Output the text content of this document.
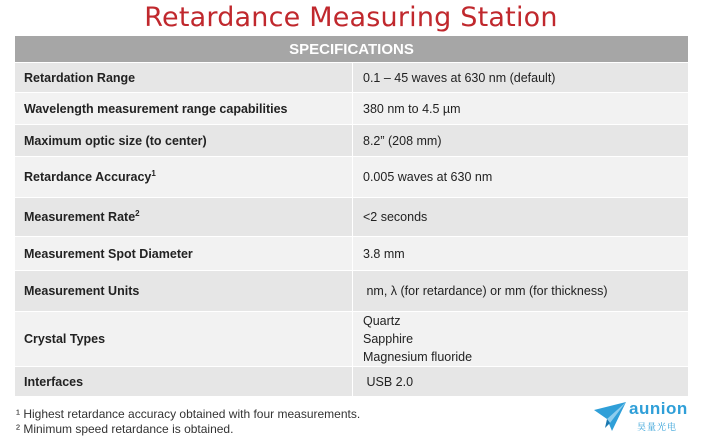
Retardance Measuring Station
SPECIFICATIONS	
Retardation Range	0.1 – 45 waves at 630 nm (default)

Wavelength measurement range capabilities	380 nm to 4.5 µm

Maximum optic size (to center)	8.2” (208 mm)

Retardance Accuracy$^1$	0.005 waves at 630 nm

Measurement Rate$^2$	<2 seconds

Measurement Spot Diameter	3.8 mm

Measurement Units	nm, λ (for retardance) or mm (for thickness)

Crystal Types	Quartz
Sapphire
Magnesium fluoride

Interfaces	USB 2.0
¹ Highest retardance accuracy obtained with four measurements.
² Minimum speed retardance is obtained.
aunion
昊量光电
